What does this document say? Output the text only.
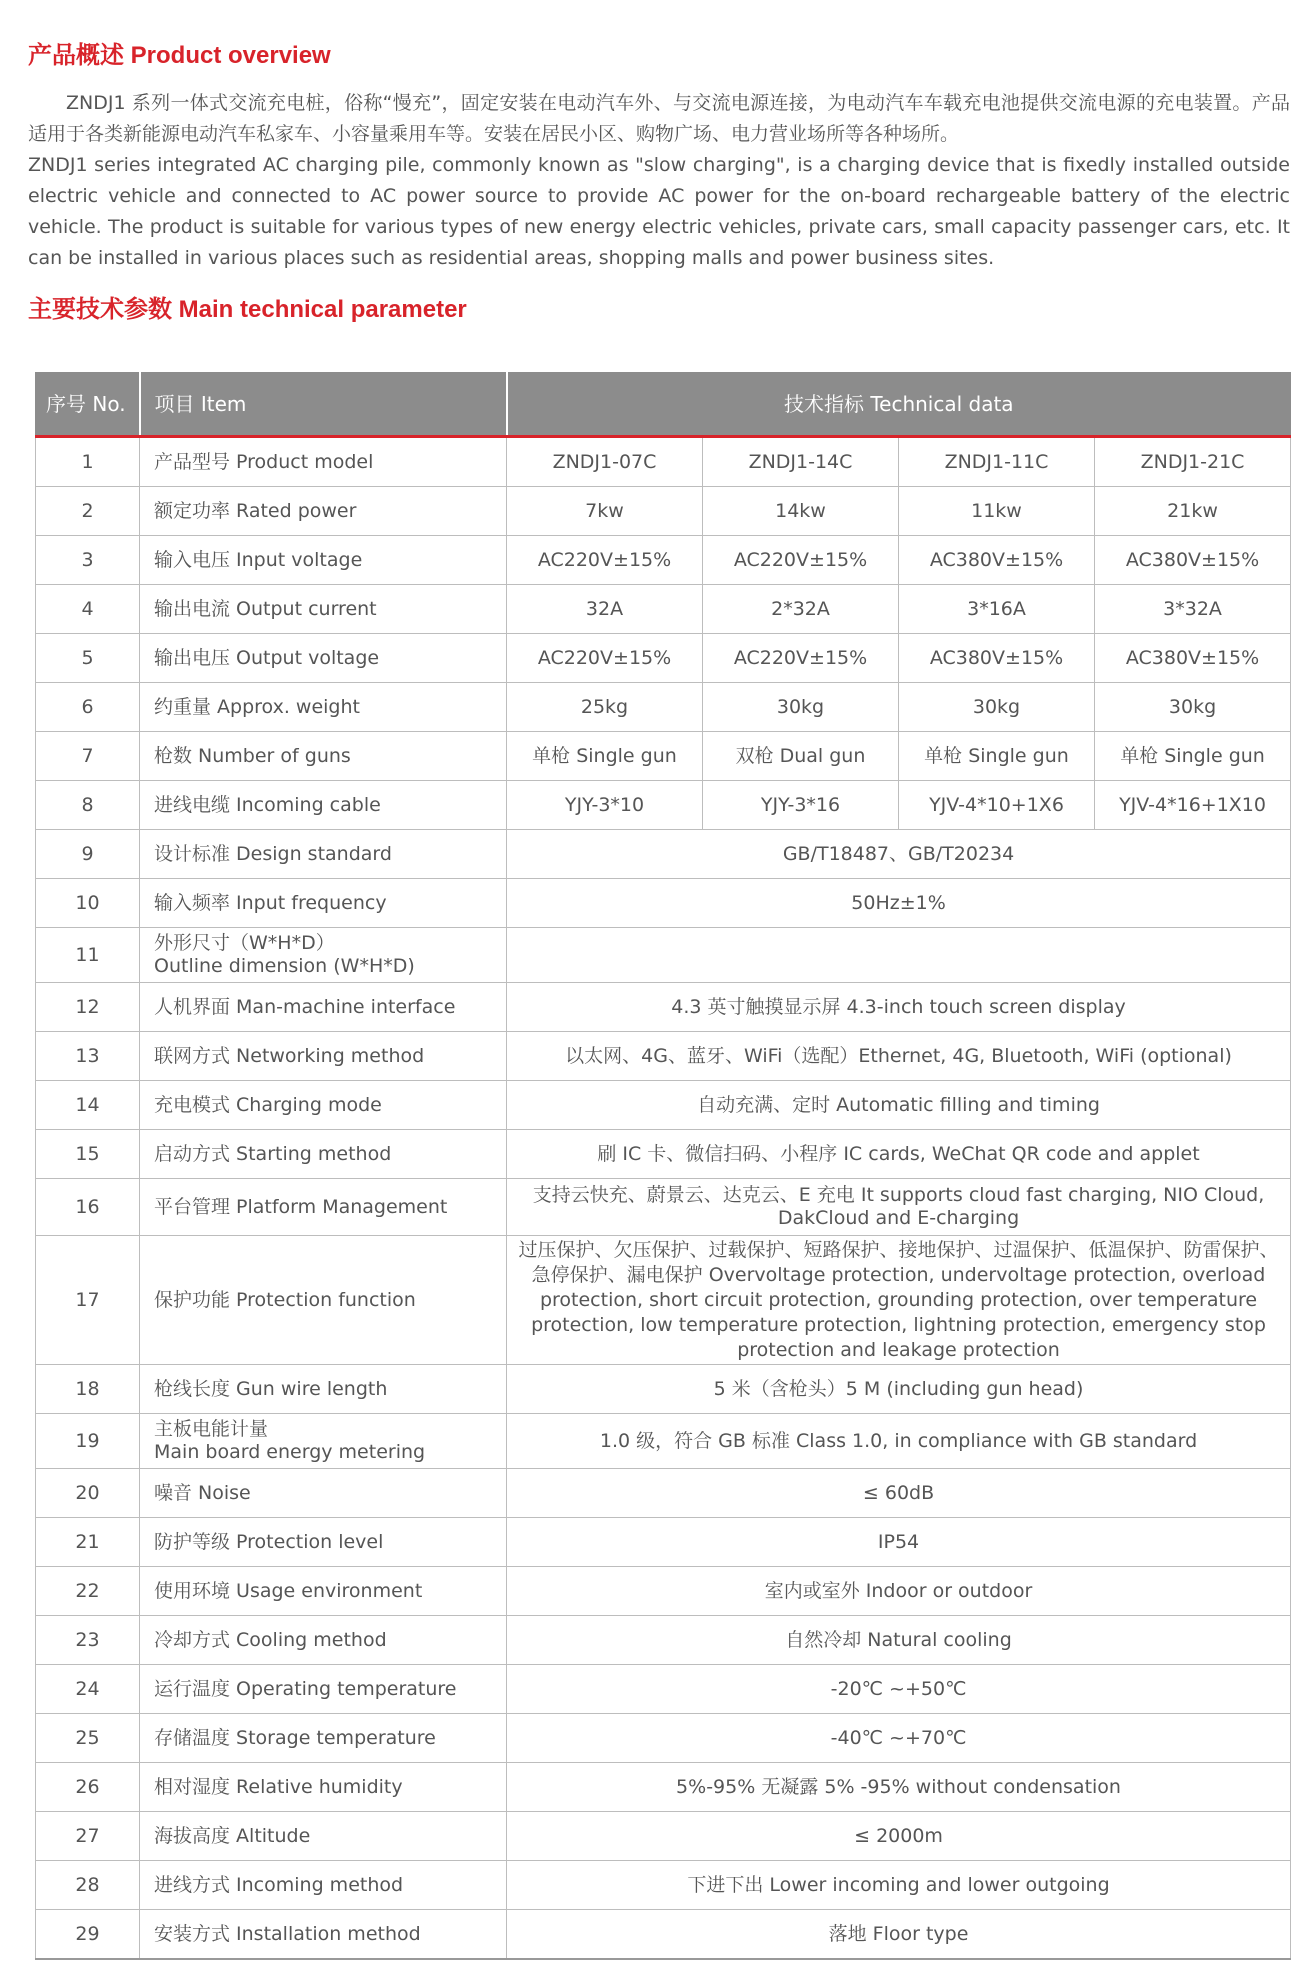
产品概述 Product overview

ZNDJ1 系列一体式交流充电桩，俗称“慢充”，固定安装在电动汽车外、与交流电源连接，为电动汽车车载充电池提供交流电源的充电装置。产品适用于各类新能源电动汽车私家车、小容量乘用车等。安装在居民小区、购物广场、电力营业场所等各种场所。

ZNDJ1 series integrated AC charging pile, commonly known as "slow charging", is a charging device that is fixedly installed outside electric vehicle and connected to AC power source to provide AC power for the on-board rechargeable battery of the electric vehicle. The product is suitable for various types of new energy electric vehicles, private cars, small capacity passenger cars, etc. It can be installed in various places such as residential areas, shopping malls and power business sites.

主要技术参数 Main technical parameter
序号 No.	项目 Item	技术指标 Technical data			
1	产品型号 Product model	ZNDJ1-07C	ZNDJ1-14C	ZNDJ1-11C	ZNDJ1-21C
2	额定功率 Rated power	7kw	14kw	11kw	21kw
3	输入电压 Input voltage	AC220V±15%	AC220V±15%	AC380V±15%	AC380V±15%
4	输出电流 Output current	32A	2*32A	3*16A	3*32A
5	输出电压 Output voltage	AC220V±15%	AC220V±15%	AC380V±15%	AC380V±15%
6	约重量 Approx. weight	25kg	30kg	30kg	30kg
7	枪数 Number of guns	单枪 Single gun	双枪 Dual gun	单枪 Single gun	单枪 Single gun
8	进线电缆 Incoming cable	YJY-3*10	YJY-3*16	YJV-4*10+1X6	YJV-4*16+1X10
9	设计标准 Design standard	GB/T18487、GB/T20234			
10	输入频率 Input frequency	50Hz±1%			
11	外形尺寸（W*H*D）
Outline dimension (W*H*D)				

12	人机界面 Man-machine interface	4.3 英寸触摸显示屏 4.3-inch touch screen display			
13	联网方式 Networking method	以太网、4G、蓝牙、WiFi（选配）Ethernet, 4G, Bluetooth, WiFi (optional)			
14	充电模式 Charging mode	自动充满、定时 Automatic filling and timing			
15	启动方式 Starting method	刷 IC 卡、微信扫码、小程序 IC cards, WeChat QR code and applet			
16	平台管理 Platform Management	支持云快充、蔚景云、达克云、E 充电 It supports cloud fast charging, NIO Cloud, DakCloud and E-charging			
17	保护功能 Protection function	过压保护、欠压保护、过载保护、短路保护、接地保护、过温保护、低温保护、防雷保护、急停保护、漏电保护 Overvoltage protection, undervoltage protection, overload protection, short circuit protection, grounding protection, over temperature protection, low temperature protection, lightning protection, emergency stop protection and leakage protection			
18	枪线长度 Gun wire length	5 米（含枪头）5 M (including gun head)			
19	主板电能计量
Main board energy metering	1.0 级，符合 GB 标准 Class 1.0, in compliance with GB standard			
20	噪音 Noise	≤ 60dB			
21	防护等级 Protection level	IP54			
22	使用环境 Usage environment	室内或室外 Indoor or outdoor			
23	冷却方式 Cooling method	自然冷却 Natural cooling			
24	运行温度 Operating temperature	-20℃ ~+50℃			
25	存储温度 Storage temperature	-40℃ ~+70℃			
26	相对湿度 Relative humidity	5%-95% 无凝露 5% -95% without condensation			
27	海拔高度 Altitude	≤ 2000m			
28	进线方式 Incoming method	下进下出 Lower incoming and lower outgoing			
29	安装方式 Installation method	落地 Floor type			
